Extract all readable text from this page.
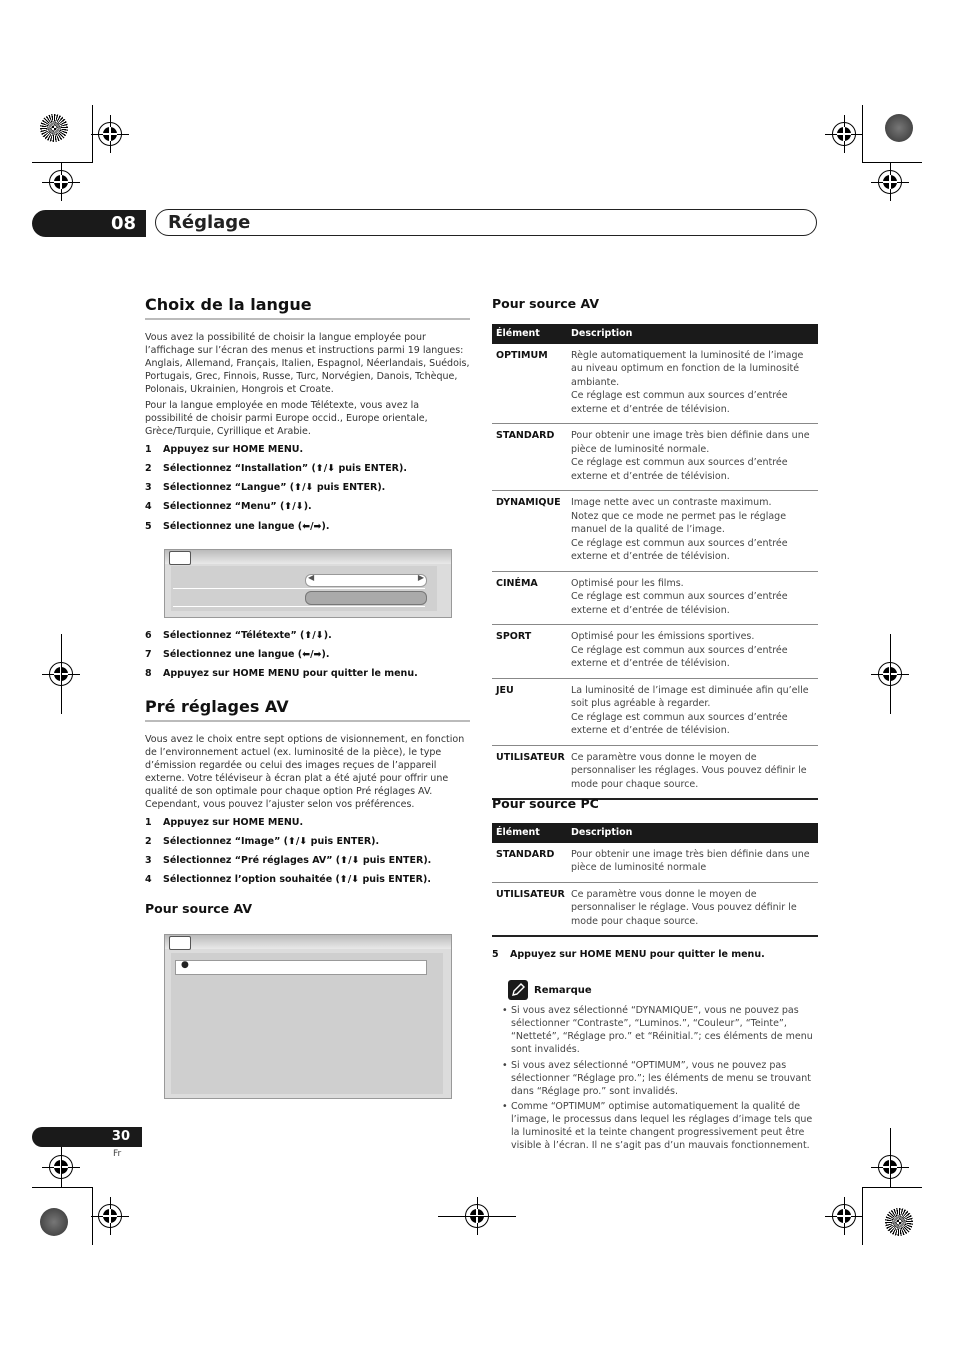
08	Réglage
Choix de la langue

Vous avez la possibilité de choisir la langue employée pour l’affichage sur l’écran des menus et instructions parmi 19 langues: Anglais, Allemand, Français, Italien, Espagnol, Néerlandais, Suédois, Portugais, Grec, Finnois, Russe, Turc, Norvégien, Danois, Tchèque, Polonais, Ukrainien, Hongrois et Croate.

Pour la langue employée en mode Télétexte, vous avez la possibilité de choisir parmi Europe occid., Europe orientale, Grèce/Turquie, Cyrillique et Arabie.

1 Appuyez sur HOME MENU.
2 Sélectionnez “Installation” (⬆/⬇ puis ENTER).
3 Sélectionnez “Langue” (⬆/⬇ puis ENTER).
4 Sélectionnez “Menu” (⬆/⬇).
5 Sélectionnez une langue (⬅/➡).
◀	▶
6 Sélectionnez “Télétexte” (⬆/⬇).
7 Sélectionnez une langue (⬅/➡).
8 Appuyez sur HOME MENU pour quitter le menu.
Pré réglages AV

Vous avez le choix entre sept options de visionnement, en fonction de l’environnement actuel (ex. luminosité de la pièce), le type d’émission regardée ou celui des images reçues de l’appareil externe. Votre téléviseur à écran plat a été ajuté pour offrir une qualité de son optimale pour chaque option Pré réglages AV. Cependant, vous pouvez l’ajuster selon vos préférences.

1 Appuyez sur HOME MENU.
2 Sélectionnez “Image” (⬆/⬇ puis ENTER).
3 Sélectionnez “Pré réglages AV” (⬆/⬇ puis ENTER).
4 Sélectionnez l’option souhaitée (⬆/⬇ puis ENTER).
Pour source AV
●
Pour source AV
Élément	Description
OPTIMUM	Règle automatiquement la luminosité de l’image au niveau optimum en fonction de la luminosité ambiante.
Ce réglage est commun aux sources d’entrée externe et d’entrée de télévision.
STANDARD	Pour obtenir une image très bien définie dans une pièce de luminosité normale.
Ce réglage est commun aux sources d’entrée externe et d’entrée de télévision.
DYNAMIQUE	Image nette avec un contraste maximum.
Notez que ce mode ne permet pas le réglage manuel de la qualité de l’image.
Ce réglage est commun aux sources d’entrée externe et d’entrée de télévision.
CINÉMA	Optimisé pour les films.
Ce réglage est commun aux sources d’entrée externe et d’entrée de télévision.
SPORT	Optimisé pour les émissions sportives.
Ce réglage est commun aux sources d’entrée externe et d’entrée de télévision.
JEU	La luminosité de l’image est diminuée afin qu’elle soit plus agréable à regarder.
Ce réglage est commun aux sources d’entrée externe et d’entrée de télévision.
UTILISATEUR	Ce paramètre vous donne le moyen de personnaliser les réglages. Vous pouvez définir le mode pour chaque source.
Pour source PC
Élément	Description
STANDARD	Pour obtenir une image très bien définie dans une pièce de luminosité normale
UTILISATEUR	Ce paramètre vous donne le moyen de personnaliser le réglage. Vous pouvez définir le mode pour chaque source.
5 Appuyez sur HOME MENU pour quitter le menu.
Remarque
• Si vous avez sélectionné “DYNAMIQUE”, vous ne pouvez pas sélectionner “Contraste”, “Luminos.”, “Couleur”, “Teinte”, “Netteté”, “Réglage pro.” et “Réinitial.”; ces éléments de menu sont invalidés.
• Si vous avez sélectionné “OPTIMUM”, vous ne pouvez pas sélectionner “Réglage pro.”; les éléments de menu se trouvant dans “Réglage pro.” sont invalidés.
• Comme “OPTIMUM” optimise automatiquement la qualité de l’image, le processus dans lequel les réglages d’image tels que la luminosité et la teinte changent progressivement peut être visible à l’écran. Il ne s’agit pas d’un mauvais fonctionnement.
30
Fr
